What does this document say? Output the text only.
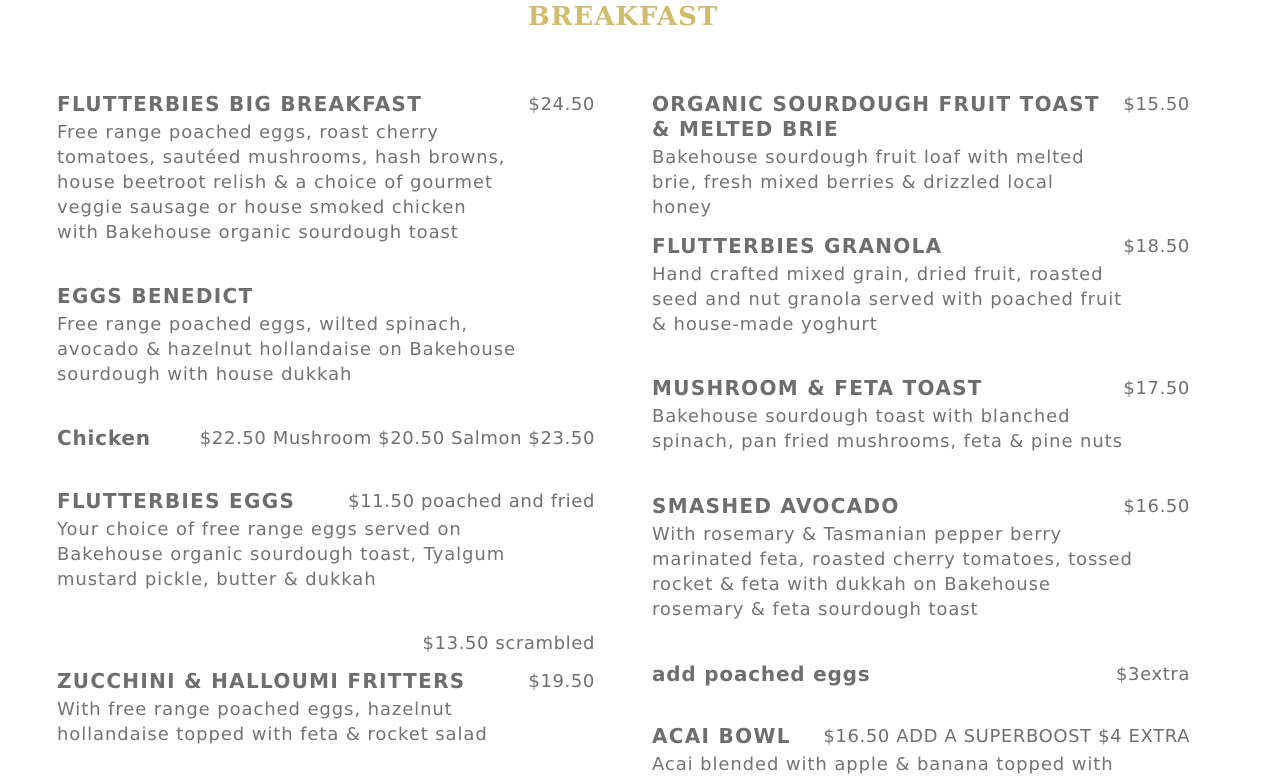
BREAKFAST
FLUTTERBIES BIG BREAKFAST	$24.50

Free range poached eggs, roast cherry tomatoes, sautéed mushrooms, hash browns, house beetroot relish & a choice of gourmet veggie sausage or house smoked chicken with Bakehouse organic sourdough toast

EGGS BENEDICT

Free range poached eggs, wilted spinach, avocado & hazelnut hollandaise on Bakehouse sourdough with house dukkah

Chicken	$22.50 Mushroom $20.50 Salmon $23.50
FLUTTERBIES EGGS	$11.50 poached and fried

Your choice of free range eggs served on Bakehouse organic sourdough toast, Tyalgum mustard pickle, butter & dukkah

$13.50 scrambled
ZUCCHINI & HALLOUMI FRITTERS	$19.50

With free range poached eggs, hazelnut hollandaise topped with feta & rocket salad

ORGANIC SOURDOUGH FRUIT TOAST & MELTED BRIE
$15.50

Bakehouse sourdough fruit loaf with melted brie, fresh mixed berries & drizzled local honey

FLUTTERBIES GRANOLA	$18.50

Hand crafted mixed grain, dried fruit, roasted seed and nut granola served with poached fruit & house-made yoghurt

MUSHROOM & FETA TOAST	$17.50

Bakehouse sourdough toast with blanched spinach, pan fried mushrooms, feta & pine nuts

SMASHED AVOCADO	$16.50

With rosemary & Tasmanian pepper berry marinated feta, roasted cherry tomatoes, tossed rocket & feta with dukkah on Bakehouse rosemary & feta sourdough toast

add poached eggs	$3extra
ACAI BOWL $16.50 ADD A SUPERBOOST $4 EXTRA

Acai blended with apple & banana topped with
